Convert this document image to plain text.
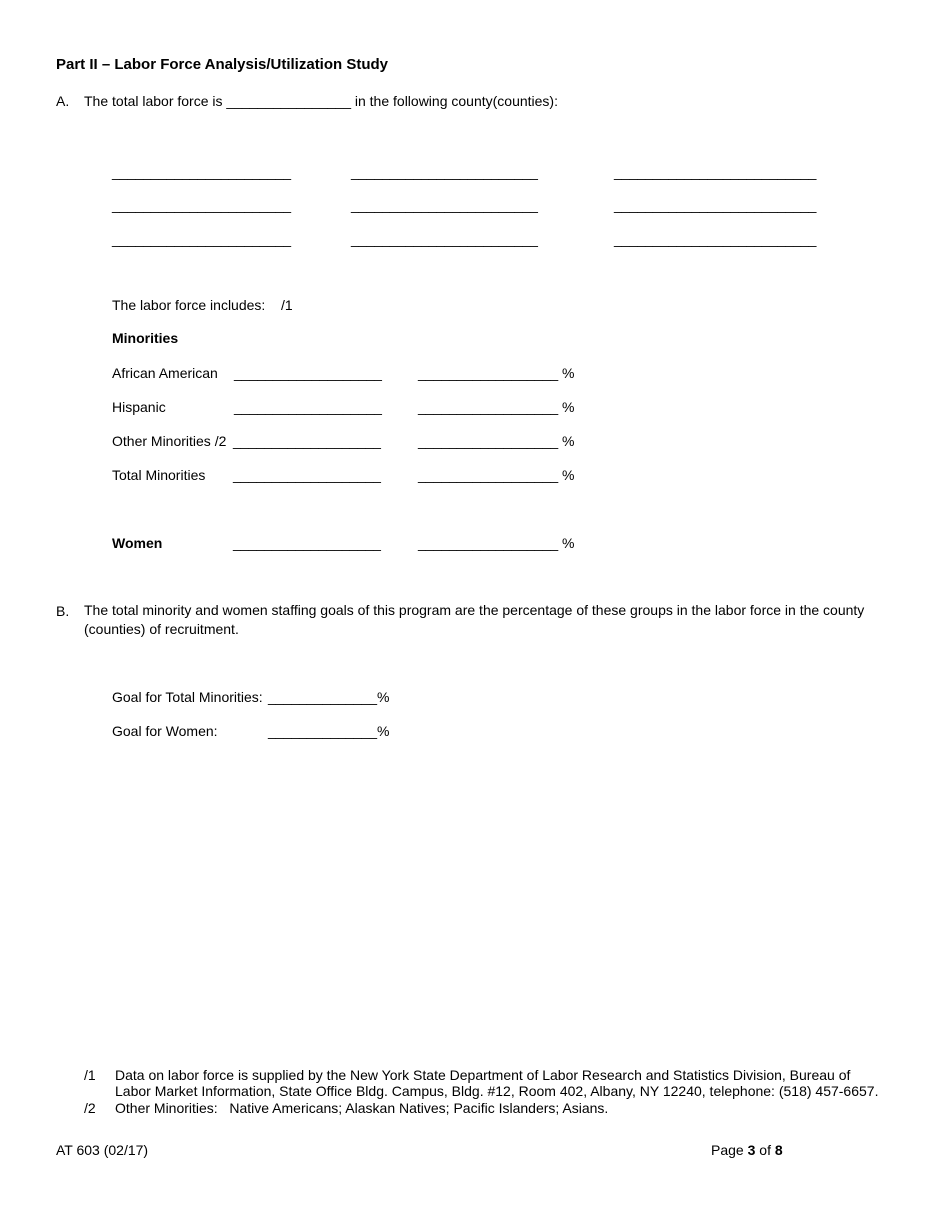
Part II – Labor Force Analysis/Utilization Study
A. The total labor force is ________________ in the following county(counties):
_______________________	________________________	__________________________
_______________________	________________________	__________________________
_______________________	________________________	__________________________
The labor force includes: /1
Minorities
African American ___________________	__________________ %
Hispanic	___________________	__________________ %
Other Minorities /2 ___________________	__________________ %
Total Minorities ___________________	__________________ %
Women	___________________	__________________ %
B. The total minority and women staffing goals of this program are the percentage of these groups in the labor force in the county (counties) of recruitment.
Goal for Total Minorities: ______________ %
Goal for Women:	______________ %
/1 Data on labor force is supplied by the New York State Department of Labor Research and Statistics Division, Bureau of
Labor Market Information, State Office Bldg. Campus, Bldg. #12, Room 402, Albany, NY 12240, telephone: (518) 457-6657.
/2 Other Minorities:   Native Americans; Alaskan Natives; Pacific Islanders; Asians.
AT 603 (02/17)	Page 3 of 8
